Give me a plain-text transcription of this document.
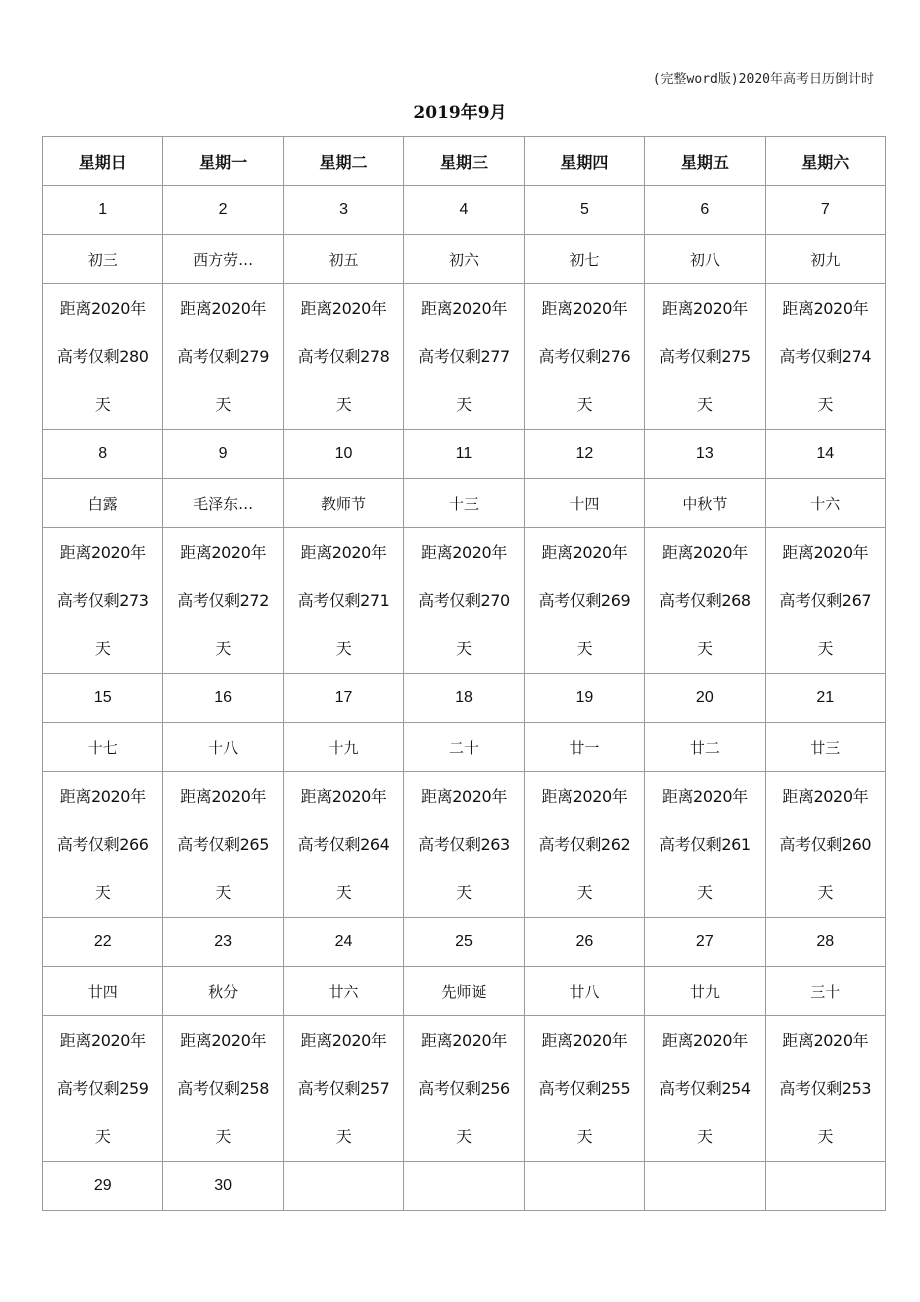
(完整word版)2020年高考日历倒计时
2019年9月
星期日	星期一	星期二	星期三	星期四	星期五	星期六
1	2	3	4	5	6	7
初三	西方劳…	初五	初六	初七	初八	初九

距离2020年
高考仅剩280
天	距离2020年
高考仅剩279
天	距离2020年
高考仅剩278
天	距离2020年
高考仅剩277
天	距离2020年
高考仅剩276
天	距离2020年
高考仅剩275
天	距离2020年
高考仅剩274
天

8	9	10	11	12	13	14
白露	毛泽东…	教师节	十三	十四	中秋节	十六

距离2020年
高考仅剩273
天	距离2020年
高考仅剩272
天	距离2020年
高考仅剩271
天	距离2020年
高考仅剩270
天	距离2020年
高考仅剩269
天	距离2020年
高考仅剩268
天	距离2020年
高考仅剩267
天

15	16	17	18	19	20	21
十七	十八	十九	二十	廿一	廿二	廿三

距离2020年
高考仅剩266
天	距离2020年
高考仅剩265
天	距离2020年
高考仅剩264
天	距离2020年
高考仅剩263
天	距离2020年
高考仅剩262
天	距离2020年
高考仅剩261
天	距离2020年
高考仅剩260
天

22	23	24	25	26	27	28
廿四	秋分	廿六	先师诞	廿八	廿九	三十

距离2020年
高考仅剩259
天	距离2020年
高考仅剩258
天	距离2020年
高考仅剩257
天	距离2020年
高考仅剩256
天	距离2020年
高考仅剩255
天	距离2020年
高考仅剩254
天	距离2020年
高考仅剩253
天

29	30					
